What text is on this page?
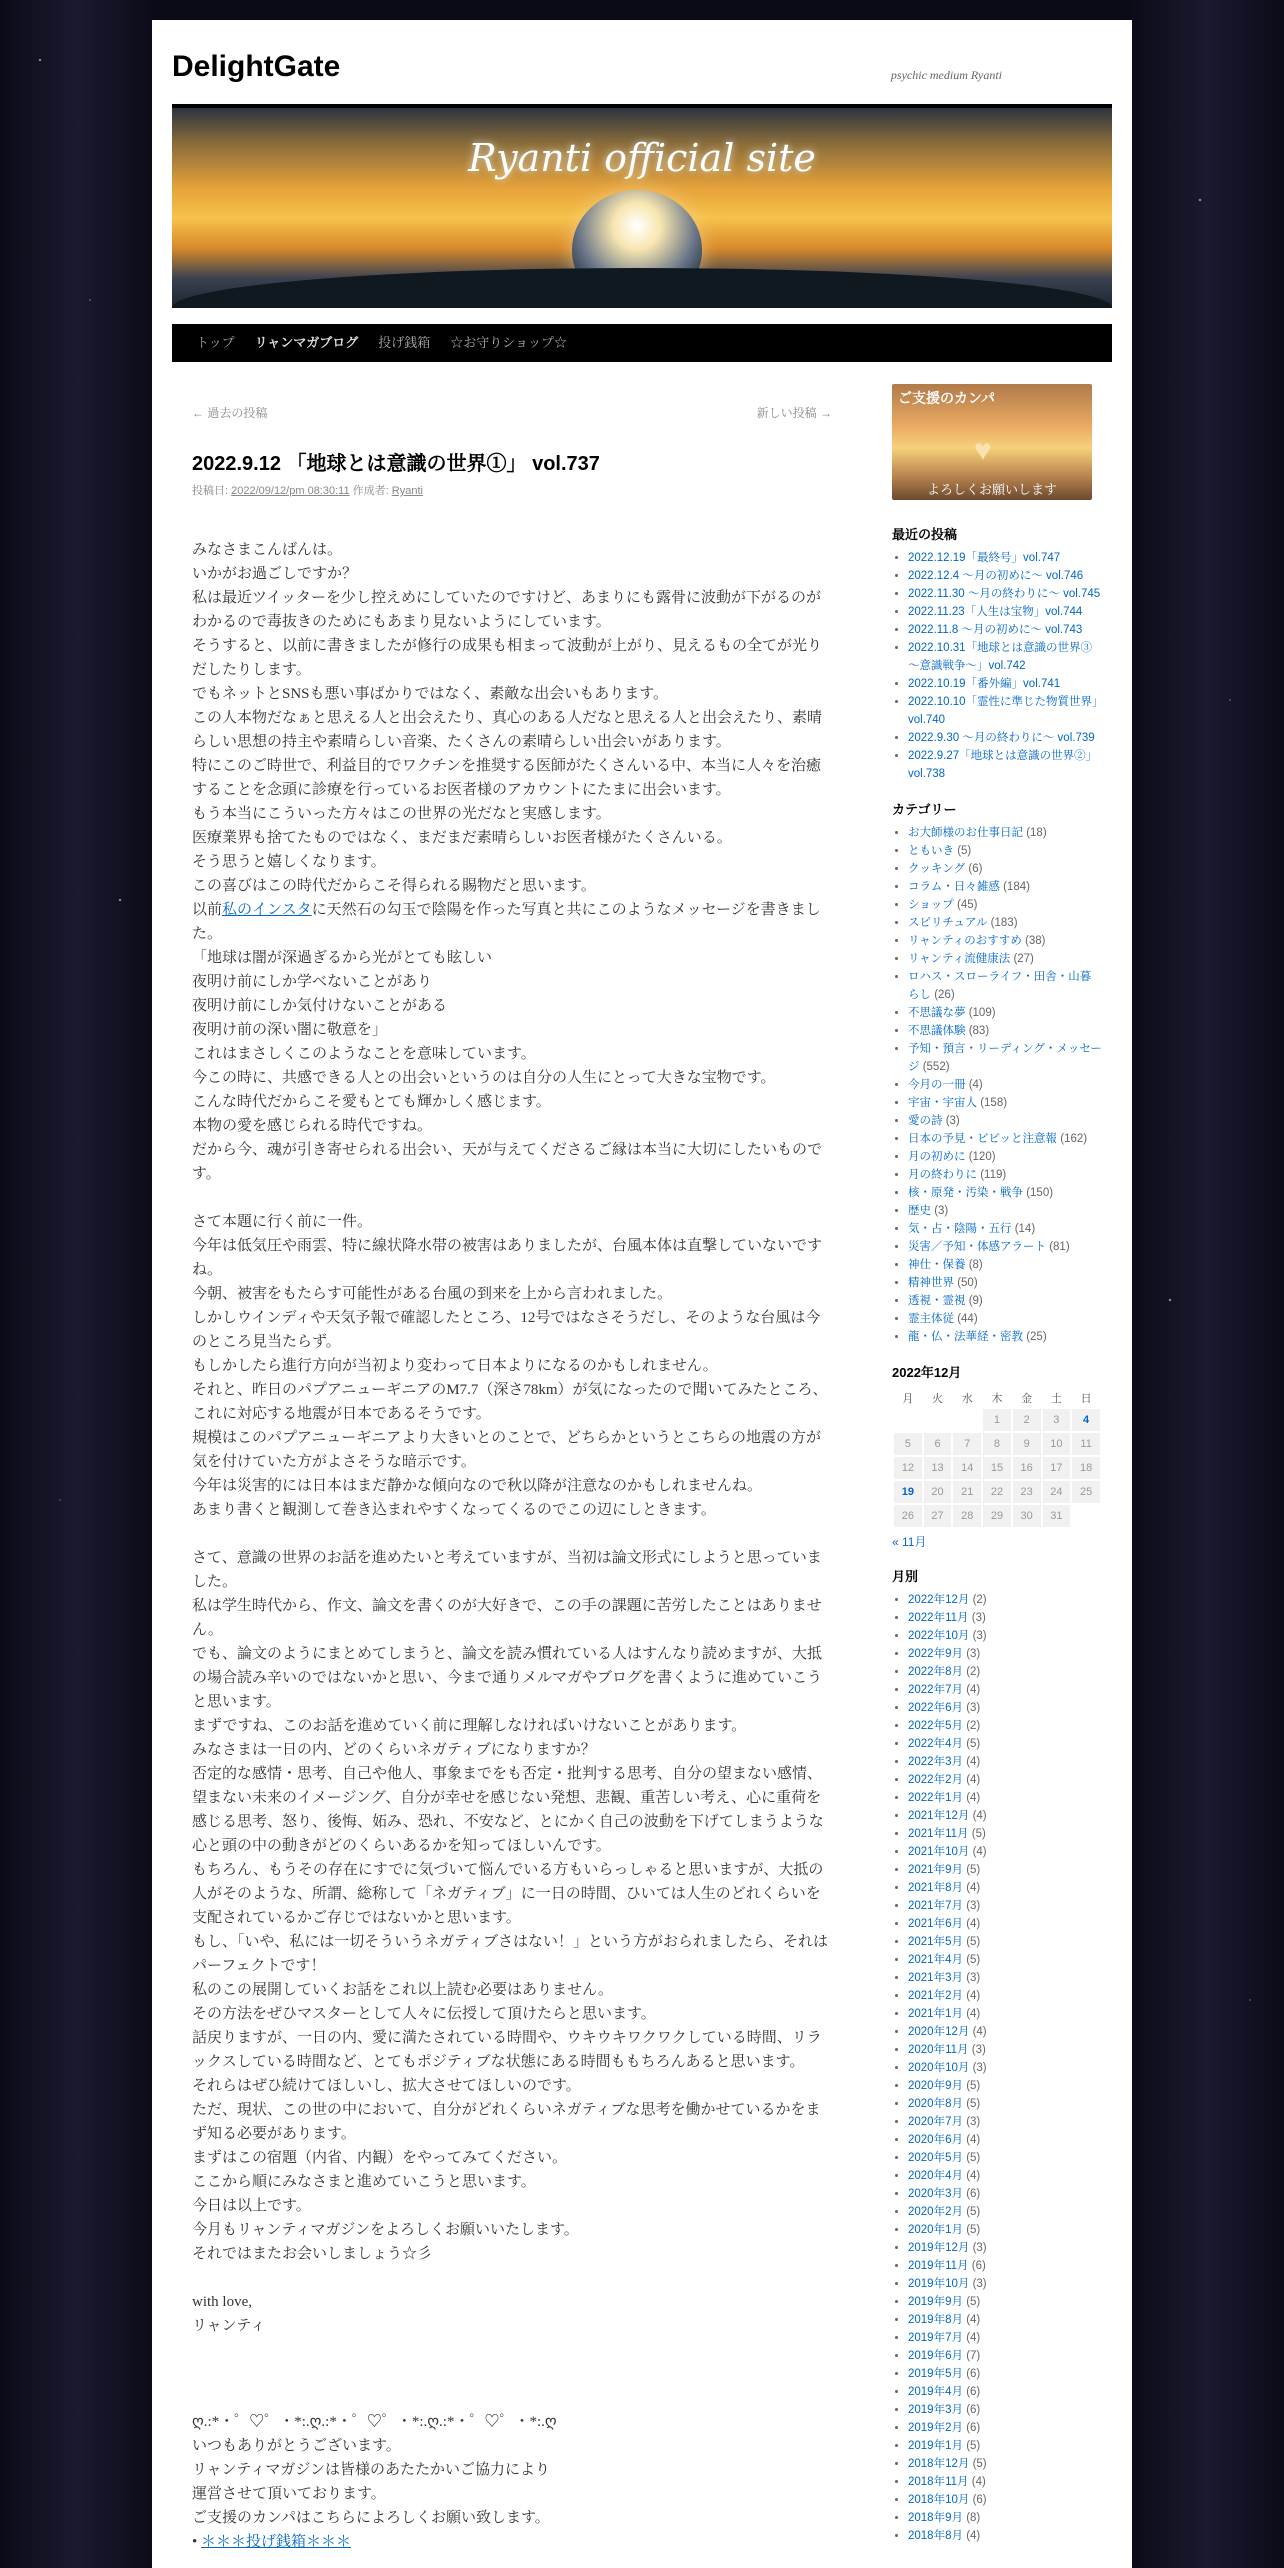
DelightGate	psychic medium Ryanti
Ryanti official site
トップ	リャンマガブログ	投げ銭箱	☆お守りショップ☆
← 過去の投稿	新しい投稿 →
2022.9.12 「地球とは意識の世界①」 vol.737
投稿日: 2022/09/12/pm 08:30:11 作成者: Ryanti

みなさまこんばんは。

いかがお過ごしですか？

私は最近ツイッターを少し控えめにしていたのですけど、あまりにも露骨に波動が下がるのがわかるので毒抜きのためにもあまり見ないようにしています。

そうすると、以前に書きましたが修行の成果も相まって波動が上がり、見えるもの全てが光りだしたりします。

でもネットとSNSも悪い事ばかりではなく、素敵な出会いもあります。

この人本物だなぁと思える人と出会えたり、真心のある人だなと思える人と出会えたり、素晴らしい思想の持主や素晴らしい音楽、たくさんの素晴らしい出会いがあります。

特にこのご時世で、利益目的でワクチンを推奨する医師がたくさんいる中、本当に人々を治癒することを念頭に診療を行っているお医者様のアカウントにたまに出会います。

もう本当にこういった方々はこの世界の光だなと実感します。

医療業界も捨てたものではなく、まだまだ素晴らしいお医者様がたくさんいる。

そう思うと嬉しくなります。

この喜びはこの時代だからこそ得られる賜物だと思います。

以前私のインスタに天然石の勾玉で陰陽を作った写真と共にこのようなメッセージを書きました。

「地球は闇が深過ぎるから光がとても眩しい

夜明け前にしか学べないことがあり

夜明け前にしか気付けないことがある

夜明け前の深い闇に敬意を」

これはまさしくこのようなことを意味しています。

今この時に、共感できる人との出会いというのは自分の人生にとって大きな宝物です。

こんな時代だからこそ愛もとても輝かしく感じます。

本物の愛を感じられる時代ですね。

だから今、魂が引き寄せられる出会い、天が与えてくださるご縁は本当に大切にしたいものです。

さて本題に行く前に一件。

今年は低気圧や雨雲、特に線状降水帯の被害はありましたが、台風本体は直撃していないですね。

今朝、被害をもたらす可能性がある台風の到来を上から言われました。

しかしウインディや天気予報で確認したところ、12号ではなさそうだし、そのような台風は今のところ見当たらず。

もしかしたら進行方向が当初より変わって日本よりになるのかもしれません。

それと、昨日のパプアニューギニアのM7.7（深さ78km）が気になったので聞いてみたところ、これに対応する地震が日本であるそうです。

規模はこのパプアニューギニアより大きいとのことで、どちらかというとこちらの地震の方が気を付けていた方がよさそうな暗示です。

今年は災害的には日本はまだ静かな傾向なので秋以降が注意なのかもしれませんね。

あまり書くと観測して巻き込まれやすくなってくるのでこの辺にしときます。

さて、意識の世界のお話を進めたいと考えていますが、当初は論文形式にしようと思っていました。

私は学生時代から、作文、論文を書くのが大好きで、この手の課題に苦労したことはありません。

でも、論文のようにまとめてしまうと、論文を読み慣れている人はすんなり読めますが、大抵の場合読み辛いのではないかと思い、今まで通りメルマガやブログを書くように進めていこうと思います。

まずですね、このお話を進めていく前に理解しなければいけないことがあります。

みなさまは一日の内、どのくらいネガティブになりますか？

否定的な感情・思考、自己や他人、事象までをも否定・批判する思考、自分の望まない感情、望まない未来のイメージング、自分が幸せを感じない発想、悲観、重苦しい考え、心に重荷を感じる思考、怒り、後悔、妬み、恐れ、不安など、とにかく自己の波動を下げてしまうような心と頭の中の動きがどのくらいあるかを知ってほしいんです。

もちろん、もうその存在にすでに気づいて悩んでいる方もいらっしゃると思いますが、大抵の人がそのような、所謂、総称して「ネガティブ」に一日の時間、ひいては人生のどれくらいを支配されているかご存じではないかと思います。

もし、「いや、私には一切そういうネガティブさはない！」という方がおられましたら、それはパーフェクトです！

私のこの展開していくお話をこれ以上読む必要はありません。

その方法をぜひマスターとして人々に伝授して頂けたらと思います。

話戻りますが、一日の内、愛に満たされている時間や、ウキウキワクワクしている時間、リラックスしている時間など、とてもポジティブな状態にある時間ももちろんあると思います。

それらはぜひ続けてほしいし、拡大させてほしいのです。

ただ、現状、この世の中において、自分がどれくらいネガティブな思考を働かせているかをまず知る必要があります。

まずはこの宿題（内省、内観）をやってみてください。

ここから順にみなさまと進めていこうと思います。

今日は以上です。

今月もリャンティマガジンをよろしくお願いいたします。

それではまたお会いしましょう☆彡

with love,

リャンティ

ღ.:*・゜♡゜・*:.ღ.:*・゜♡゜・*:.ღ.:*・゜♡゜・*:.ღ

いつもありがとうございます。

リャンティマガジンは皆様のあたたかいご協力により

運営させて頂いております。

ご支援のカンパはこちらによろしくお願い致します。

• ＊＊＊投げ銭箱＊＊＊

ご支援のカンパ
♥
よろしくお願いします
最近の投稿
• 2022.12.19「最終号」vol.747
• 2022.12.4 ～月の初めに～ vol.746
• 2022.11.30 ～月の終わりに～ vol.745
• 2022.11.23「人生は宝物」vol.744
• 2022.11.8 ～月の初めに～ vol.743
• 2022.10.31「地球とは意識の世界③～意識戦争～」vol.742
• 2022.10.19「番外編」vol.741
• 2022.10.10「霊性に準じた物質世界」vol.740
• 2022.9.30 ～月の終わりに～ vol.739
• 2022.9.27「地球とは意識の世界②」vol.738
カテゴリー
• お大師様のお仕事日記 (18)
• ともいき (5)
• クッキング (6)
• コラム・日々雑感 (184)
• ショップ (45)
• スピリチュアル (183)
• リャンティのおすすめ (38)
• リャンティ流健康法 (27)
• ロハス・スローライフ・田舎・山暮らし (26)
• 不思議な夢 (109)
• 不思議体験 (83)
• 予知・預言・リーディング・メッセージ (552)
• 今月の一冊 (4)
• 宇宙・宇宙人 (158)
• 愛の詩 (3)
• 日本の予見・ビビッと注意報 (162)
• 月の初めに (120)
• 月の終わりに (119)
• 核・原発・汚染・戦争 (150)
• 歴史 (3)
• 気・占・陰陽・五行 (14)
• 災害／予知・体感アラート (81)
• 神仕・保養 (8)
• 精神世界 (50)
• 透視・霊視 (9)
• 霊主体従 (44)
• 龍・仏・法華経・密教 (25)
2022年12月
月	火	水	木	金	土	日
			1	2	3	4
5	6	7	8	9	10	11
12	13	14	15	16	17	18
19	20	21	22	23	24	25
26	27	28	29	30	31	
« 11月
月別
• 2022年12月 (2)
• 2022年11月 (3)
• 2022年10月 (3)
• 2022年9月 (3)
• 2022年8月 (2)
• 2022年7月 (4)
• 2022年6月 (3)
• 2022年5月 (2)
• 2022年4月 (5)
• 2022年3月 (4)
• 2022年2月 (4)
• 2022年1月 (4)
• 2021年12月 (4)
• 2021年11月 (5)
• 2021年10月 (4)
• 2021年9月 (5)
• 2021年8月 (4)
• 2021年7月 (3)
• 2021年6月 (4)
• 2021年5月 (5)
• 2021年4月 (5)
• 2021年3月 (3)
• 2021年2月 (4)
• 2021年1月 (4)
• 2020年12月 (4)
• 2020年11月 (3)
• 2020年10月 (3)
• 2020年9月 (5)
• 2020年8月 (5)
• 2020年7月 (3)
• 2020年6月 (4)
• 2020年5月 (5)
• 2020年4月 (4)
• 2020年3月 (6)
• 2020年2月 (5)
• 2020年1月 (5)
• 2019年12月 (3)
• 2019年11月 (6)
• 2019年10月 (3)
• 2019年9月 (5)
• 2019年8月 (4)
• 2019年7月 (4)
• 2019年6月 (7)
• 2019年5月 (6)
• 2019年4月 (6)
• 2019年3月 (6)
• 2019年2月 (6)
• 2019年1月 (5)
• 2018年12月 (5)
• 2018年11月 (4)
• 2018年10月 (6)
• 2018年9月 (8)
• 2018年8月 (4)
